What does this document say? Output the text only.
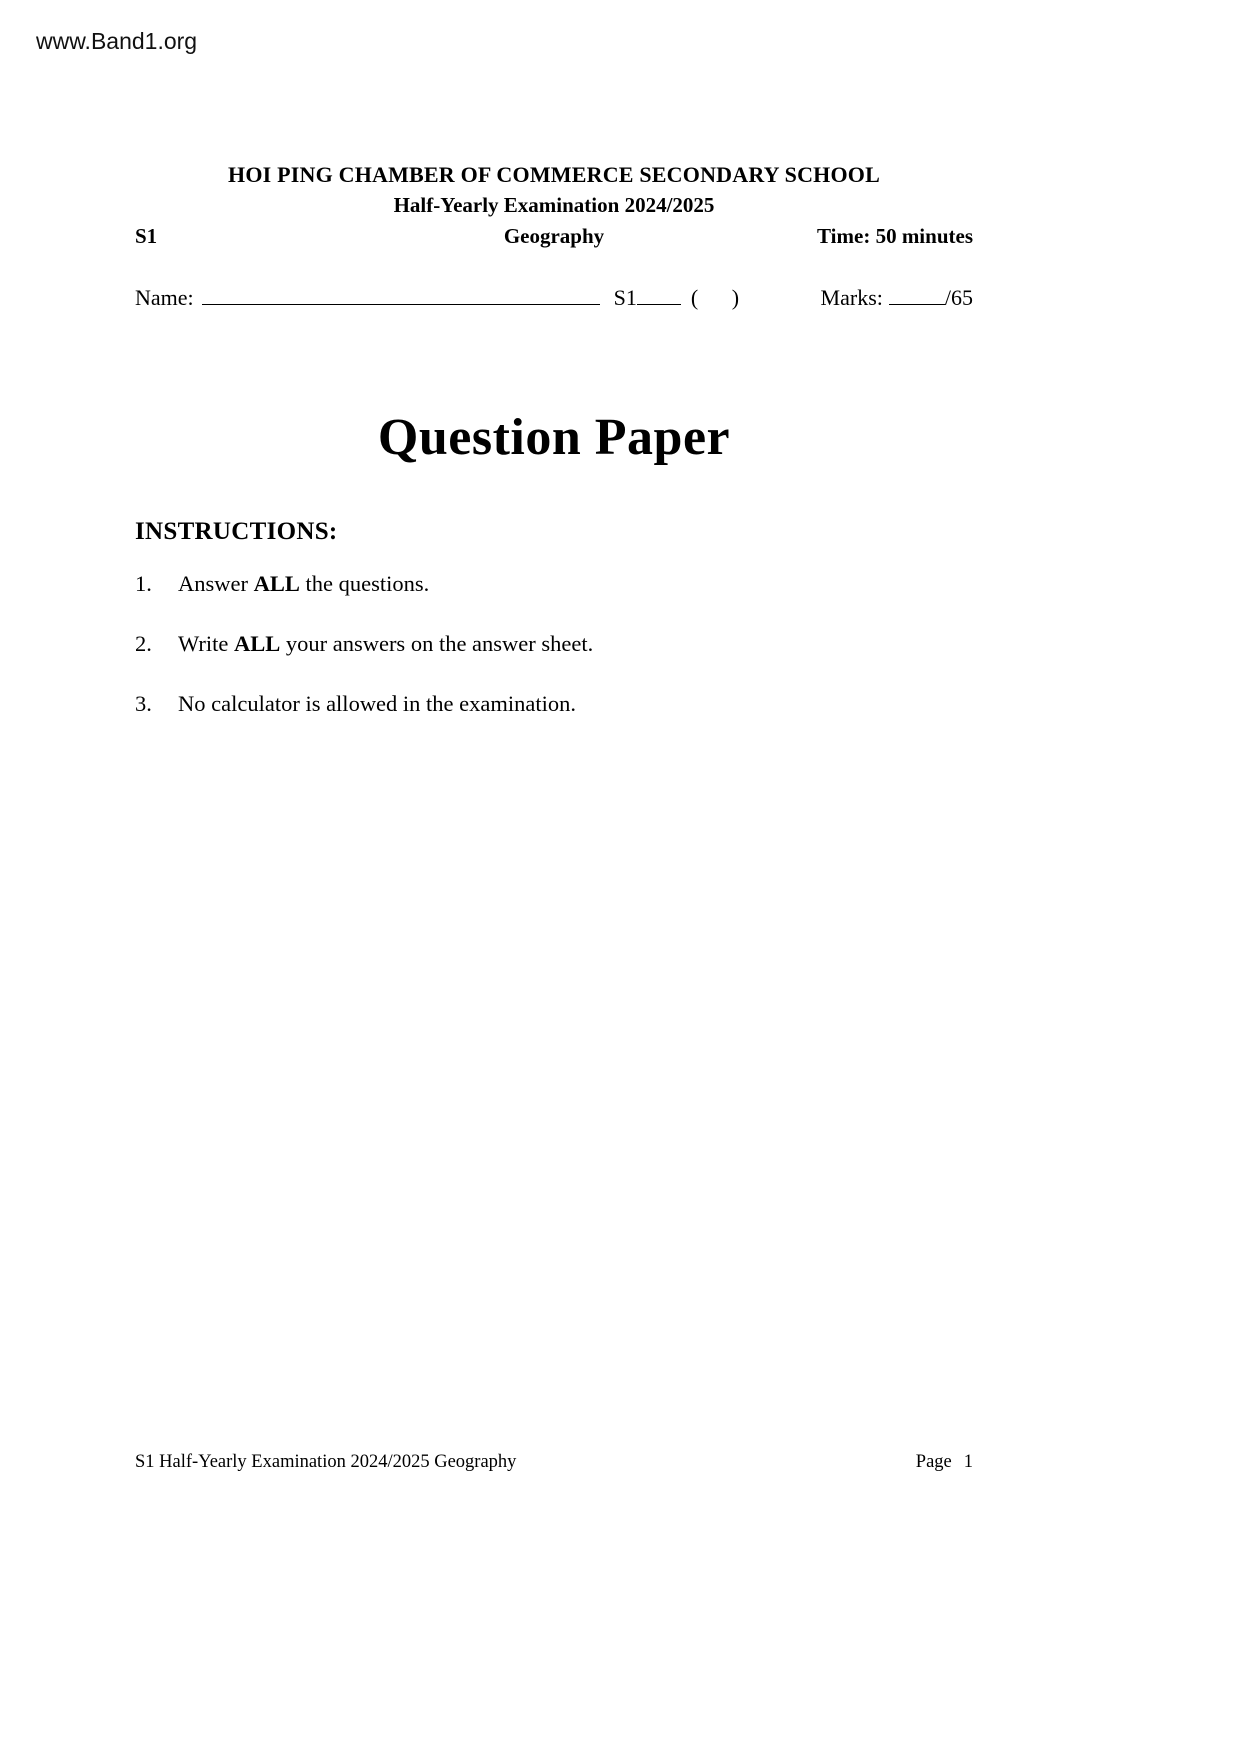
www.Band1.org
HOI PING CHAMBER OF COMMERCE SECONDARY SCHOOL
Half-Yearly Examination 2024/2025
S1	Geography	Time: 50 minutes
Name:	S1 ( )	Marks:	/65
Question Paper
INSTRUCTIONS:
1.	Answer ALL the questions.
2.	Write ALL your answers on the answer sheet.
3.	No calculator is allowed in the examination.
S1 Half-Yearly Examination 2024/2025 Geography	Page 1
